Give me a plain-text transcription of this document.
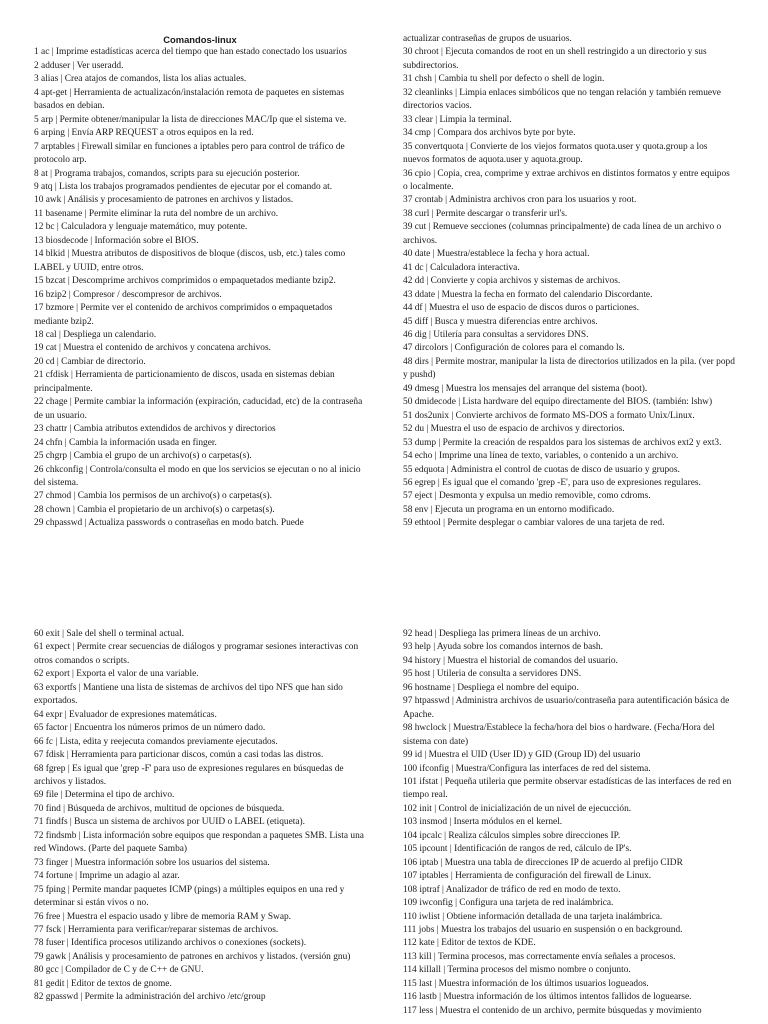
Comandos-linux

1 ac | Imprime estadísticas acerca del tiempo que han estado conectado los usuarios

2 adduser | Ver useradd.

3 alias | Crea atajos de comandos, lista los alias actuales.

4 apt-get | Herramienta de actualizacón/instalación remota de paquetes en sistemas basados en debian.

5 arp | Permite obtener/manipular la lista de direcciones MAC/Ip que el sistema ve.

6 arping | Envía ARP REQUEST a otros equipos en la red.

7 arptables | Firewall similar en funciones a iptables pero para control de tráfico de protocolo arp.

8 at | Programa trabajos, comandos, scripts para su ejecución posterior.

9 atq | Lista los trabajos programados pendientes de ejecutar por el comando at.

10 awk | Análisis y procesamiento de patrones en archivos y listados.

11 basename | Permite eliminar la ruta del nombre de un archivo.

12 bc | Calculadora y lenguaje matemático, muy potente.

13 biosdecode | Información sobre el BIOS.

14 blkid | Muestra atributos de dispositivos de bloque (discos, usb, etc.) tales como LABEL y UUID, entre otros.

15 bzcat | Descomprime archivos comprimidos o empaquetados mediante bzip2.

16 bzip2 | Compresor / descompresor de archivos.

17 bzmore | Permite ver el contenido de archivos comprimidos o empaquetados mediante bzip2.

18 cal | Despliega un calendario.

19 cat | Muestra el contenido de archivos y concatena archivos.

20 cd | Cambiar de directorio.

21 cfdisk | Herramienta de particionamiento de discos, usada en sistemas debian principalmente.

22 chage | Permite cambiar la información (expiración, caducidad, etc) de la contraseña de un usuario.

23 chattr | Cambia atributos extendidos de archivos y directorios

24 chfn | Cambia la información usada en finger.

25 chgrp | Cambia el grupo de un archivo(s) o carpetas(s).

26 chkconfig | Controla/consulta el modo en que los servicios se ejecutan o no al inicio del sistema.

27 chmod | Cambia los permisos de un archivo(s) o carpetas(s).

28 chown | Cambia el propietario de un archivo(s) o carpetas(s).

29 chpasswd | Actualiza passwords o contraseñas en modo batch. Puede

actualizar contraseñas de grupos de usuarios.

30 chroot | Ejecuta comandos de root en un shell restringido a un directorio y sus subdirectorios.

31 chsh | Cambia tu shell por defecto o shell de login.

32 cleanlinks | Limpia enlaces simbólicos que no tengan relación y también remueve directorios vacios.

33 clear | Limpia la terminal.

34 cmp | Compara dos archivos byte por byte.

35 convertquota | Convierte de los viejos formatos quota.user y quota.group a los nuevos formatos de aquota.user y aquota.group.

36 cpio | Copia, crea, comprime y extrae archivos en distintos formatos y entre equipos o localmente.

37 crontab | Administra archivos cron para los usuarios y root.

38 curl | Permite descargar o transferir url's.

39 cut | Remueve secciones (columnas principalmente) de cada línea de un archivo o archivos.

40 date | Muestra/establece la fecha y hora actual.

41 dc | Calculadora interactiva.

42 dd | Convierte y copia archivos y sistemas de archivos.

43 ddate | Muestra la fecha en formato del calendario Discordante.

44 df | Muestra el uso de espacio de discos duros o particiones.

45 diff | Busca y muestra diferencias entre archivos.

46 dig | Utilería para consultas a servidores DNS.

47 dircolors | Configuración de colores para el comando ls.

48 dirs | Permite mostrar, manipular la lista de directorios utilizados en la pila. (ver popd y pushd)

49 dmesg | Muestra los mensajes del arranque del sistema (boot).

50 dmidecode | Lista hardware del equipo directamente del BIOS. (también: lshw)

51 dos2unix | Convierte archivos de formato MS-DOS a formato Unix/Linux.

52 du | Muestra el uso de espacio de archivos y directorios.

53 dump | Permite la creación de respaldos para los sistemas de archivos ext2 y ext3.

54 echo | Imprime una línea de texto, variables, o contenido a un archivo.

55 edquota | Administra el control de cuotas de disco de usuario y grupos.

56 egrep | Es igual que el comando 'grep -E', para uso de expresiones regulares.

57 eject | Desmonta y expulsa un medio removible, como cdroms.

58 env | Ejecuta un programa en un entorno modificado.

59 ethtool | Permite desplegar o cambiar valores de una tarjeta de red.

60 exit | Sale del shell o terminal actual.

61 expect | Permite crear secuencias de diálogos y programar sesiones interactivas con otros comandos o scripts.

62 export | Exporta el valor de una variable.

63 exportfs | Mantiene una lista de sistemas de archivos del tipo NFS que han sido exportados.

64 expr | Evaluador de expresiones matemáticas.

65 factor | Encuentra los números primos de un número dado.

66 fc | Lista, edita y reejecuta comandos previamente ejecutados.

67 fdisk | Herramienta para particionar discos, común a casi todas las distros.

68 fgrep | Es igual que 'grep -F' para uso de expresiones regulares en búsquedas de archivos y listados.

69 file | Determina el tipo de archivo.

70 find | Búsqueda de archivos, multitud de opciones de búsqueda.

71 findfs | Busca un sistema de archivos por UUID o LABEL (etiqueta).

72 findsmb | Lista información sobre equipos que respondan a paquetes SMB. Lista una red Windows. (Parte del paquete Samba)

73 finger | Muestra información sobre los usuarios del sistema.

74 fortune | Imprime un adagio al azar.

75 fping | Permite mandar paquetes ICMP (pings) a múltiples equipos en una red y determinar si están vivos o no.

76 free | Muestra el espacio usado y libre de memoria RAM y Swap.

77 fsck | Herramienta para verificar/reparar sistemas de archivos.

78 fuser | Identifica procesos utilizando archivos o conexiones (sockets).

79 gawk | Análisis y procesamiento de patrones en archivos y listados. (versión gnu)

80 gcc | Compilador de C y de C++ de GNU.

81 gedit | Editor de textos de gnome.

82 gpasswd | Permite la administración del archivo /etc/group

92 head | Despliega las primera líneas de un archivo.

93 help | Ayuda sobre los comandos internos de bash.

94 history | Muestra el historial de comandos del usuario.

95 host | Utileria de consulta a servidores DNS.

96 hostname | Despliega el nombre del equipo.

97 htpasswd | Administra archivos de usuario/contraseña para autentificación básica de Apache.

98 hwclock | Muestra/Establece la fecha/hora del bios o hardware. (Fecha/Hora del sistema con date)

99 id | Muestra el UID (User ID) y GID (Group ID) del usuario

100 ifconfig | Muestra/Configura las interfaces de red del sistema.

101 ifstat | Pequeña utileria que permite observar estadísticas de las interfaces de red en tiempo real.

102 init | Control de inicialización de un nivel de ejecucción.

103 insmod | Inserta módulos en el kernel.

104 ipcalc | Realiza cálculos simples sobre direcciones IP.

105 ipcount | Identificación de rangos de red, cálculo de IP's.

106 iptab | Muestra una tabla de direcciones IP de acuerdo al prefijo CIDR

107 iptables | Herramienta de configuración del firewall de Linux.

108 iptraf | Analizador de tráfico de red en modo de texto.

109 iwconfig | Configura una tarjeta de red inalámbrica.

110 iwlist | Obtiene información detallada de una tarjeta inalámbrica.

111 jobs | Muestra los trabajos del usuario en suspensión o en background.

112 kate | Editor de textos de KDE.

113 kill | Termina procesos, mas correctamente envía señales a procesos.

114 killall | Termina procesos del mismo nombre o conjunto.

115 last | Muestra información de los últimos usuarios logueados.

116 lastb | Muestra información de los últimos intentos fallidos de loguearse.

117 less | Muestra el contenido de un archivo, permite búsquedas y movimiento
